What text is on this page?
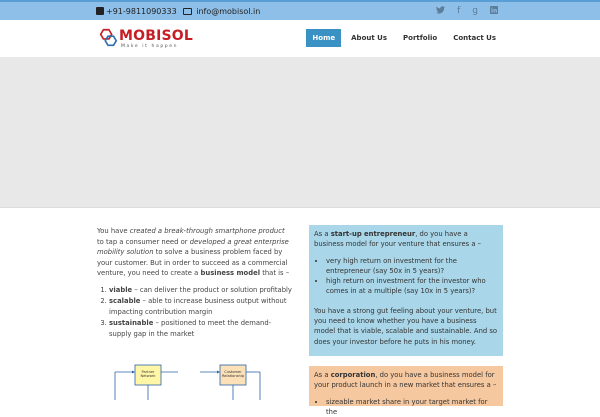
+91-9811090333	info@mobisol.in	f g
MOBISOL
Make it happen
Home	About Us	Portfolio	Contact Us

You have created a break-through smartphone product to tap a consumer need or developed a great enterprise mobility solution to solve a business problem faced by your customer. But in order to succeed as a commercial venture, you need to create a business model that is –

1. viable – can deliver the product or solution profitably
2. scalable – able to increase business output without impacting contribution margin
3. sustainable – positioned to meet the demand-supply gap in the market
Partner Network
Customer Relationship

As a start-up entrepreneur, do you have a business model for your venture that ensures a –

• very high return on investment for the entrepreneur (say 50x in 5 years)?
• high return on investment for the investor who comes in at a multiple (say 10x in 5 years)?

You have a strong gut feeling about your venture, but you need to know whether you have a business model that is viable, scalable and sustainable. And so does your investor before he puts in his money.

As a corporation, do you have a business model for your product launch in a new market that ensures a –

• sizeable market share in your target market for the
